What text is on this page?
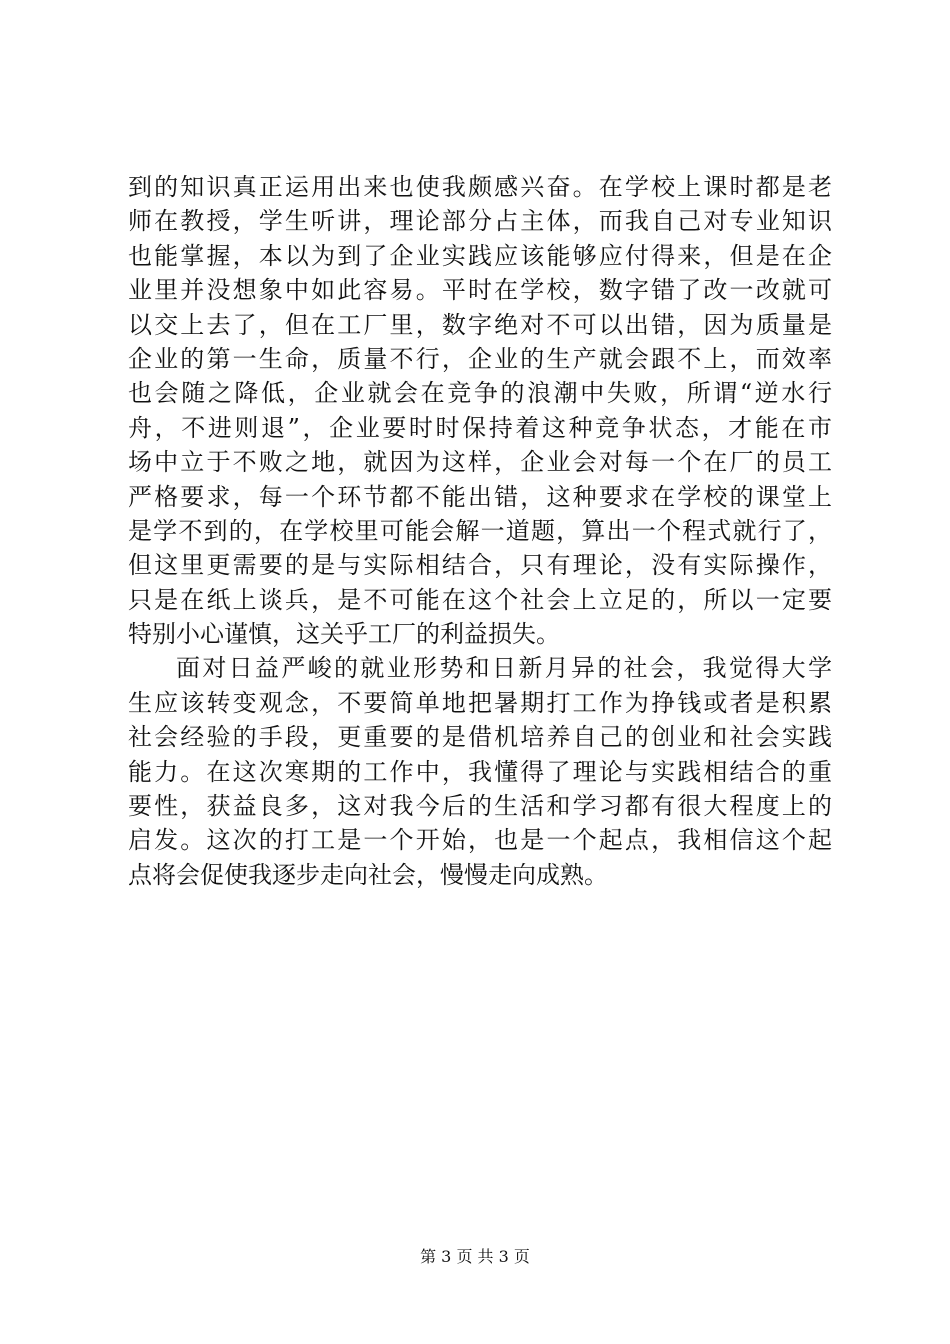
到的知识真正运用出来也使我颇感兴奋。在学校上课时都是老
师在教授，学生听讲，理论部分占主体，而我自己对专业知识
也能掌握，本以为到了企业实践应该能够应付得来，但是在企
业里并没想象中如此容易。平时在学校，数字错了改一改就可
以交上去了，但在工厂里，数字绝对不可以出错，因为质量是
企业的第一生命，质量不行，企业的生产就会跟不上，而效率
也会随之降低，企业就会在竞争的浪潮中失败，所谓“逆水行
舟，不进则退”，企业要时时保持着这种竞争状态，才能在市
场中立于不败之地，就因为这样，企业会对每一个在厂的员工
严格要求，每一个环节都不能出错，这种要求在学校的课堂上
是学不到的，在学校里可能会解一道题，算出一个程式就行了，
但这里更需要的是与实际相结合，只有理论，没有实际操作，
只是在纸上谈兵，是不可能在这个社会上立足的，所以一定要
特别小心谨慎，这关乎工厂的利益损失。
面对日益严峻的就业形势和日新月异的社会，我觉得大学
生应该转变观念，不要简单地把暑期打工作为挣钱或者是积累
社会经验的手段，更重要的是借机培养自己的创业和社会实践
能力。在这次寒期的工作中，我懂得了理论与实践相结合的重
要性，获益良多，这对我今后的生活和学习都有很大程度上的
启发。这次的打工是一个开始，也是一个起点，我相信这个起
点将会促使我逐步走向社会，慢慢走向成熟。
第 3 页 共 3 页
